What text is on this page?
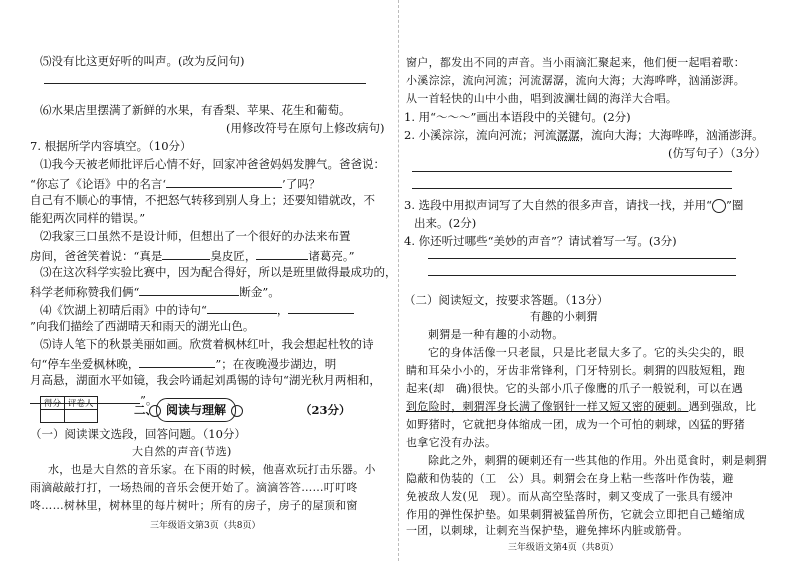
⑸没有比这更好听的叫声。(改为反问句)
⑹水果店里摆满了新鲜的水果，有香梨、苹果、花生和葡萄。
(用修改符号在原句上修改病句)
7. 根据所学内容填空。（10分）
⑴我今天被老师批评后心情不好，回家冲爸爸妈妈发脾气。爸爸说：
“你忘了《论语》中的名言‘	’了吗？
自己有不顺心的事情，不把怒气转移到别人身上；还要知错就改，不
能犯两次同样的错误。”
⑵我家三口虽然不是设计师，但想出了一个很好的办法来布置
房间，爸爸笑着说：“真是	臭皮匠，	诸葛亮。”
⑶在这次科学实验比赛中，因为配合得好，所以是班里做得最成功的，
科学老师称赞我们俩“	断金”。
⑷《饮湖上初晴后雨》中的诗句“	，
”向我们描绘了西湖晴天和雨天的湖光山色。
⑸诗人笔下的秋景美丽如画。欣赏着枫林红叶，我会想起杜牧的诗
句“停车坐爱枫林晚，	”；在夜晚漫步湖边，明
月高悬，湖面水平如镜，我会吟诵起刘禹锡的诗句“湖光秋月两相和，
”。
得分	评卷人
		二、 阅读与理解	（23分）
（一）阅读课文选段，回答问题。（10分）
大自然的声音(节选)
水，也是大自然的音乐家。在下雨的时候，他喜欢玩打击乐器。小
雨滴敲敲打打，一场热闹的音乐会便开始了。滴滴答答……叮叮咚
咚……树林里，树林里的每片树叶；所有的房子，房子的屋顶和窗
三年级语文第3页（共8页）
窗户，都发出不同的声音。当小雨滴汇聚起来，他们便一起唱着歌：
小溪淙淙，流向河流；河流潺潺，流向大海；大海哗哗，汹涌澎湃。
从一首轻快的山中小曲，唱到波澜壮阔的海洋大合唱。
1. 用“～～～”画出本语段中的关键句。(2分)
2. 小溪淙淙，流向河流；河流潺潺，流向大海；大海哗哗，汹涌澎湃。
(仿写句子）（3分）
3. 选段中用拟声词写了大自然的很多声音，请找一找，并用“ ”圈
出来。(2分)
4. 你还听过哪些“美妙的声音”？请试着写一写。(3分)
（二）阅读短文，按要求答题。（13分）
有趣的小刺猬
刺猬是一种有趣的小动物。
它的身体活像一只老鼠，只是比老鼠大多了。它的头尖尖的，眼
睛和耳朵小小的，牙齿非常锋利，门牙特别长。刺猬的四肢短粗，跑
起来(却　确)很快。它的头部小爪子像鹰的爪子一般锐利，可以在遇
到危险时，刺猬浑身长满了像钢针一样又短又密的硬刺。遇到强敌，比
如野猪时，它就把身体缩成一团，成为一个可怕的刺球，凶猛的野猪
也拿它没有办法。
除此之外，刺猬的硬刺还有一些其他的作用。外出觅食时，刺是刺猬
隐蔽和伪装的（工　公）具。刺猬会在身上粘一些落叶作伪装，避
免被敌人发(见　现）。而从高空坠落时，刺又变成了一张具有缓冲
作用的弹性保护垫。如果刺猬被猛兽所伤，它就会立即把自己蜷缩成
一团，以刺球，让刺充当保护垫，避免摔坏内脏或筋骨。
三年级语文第4页（共8页）
